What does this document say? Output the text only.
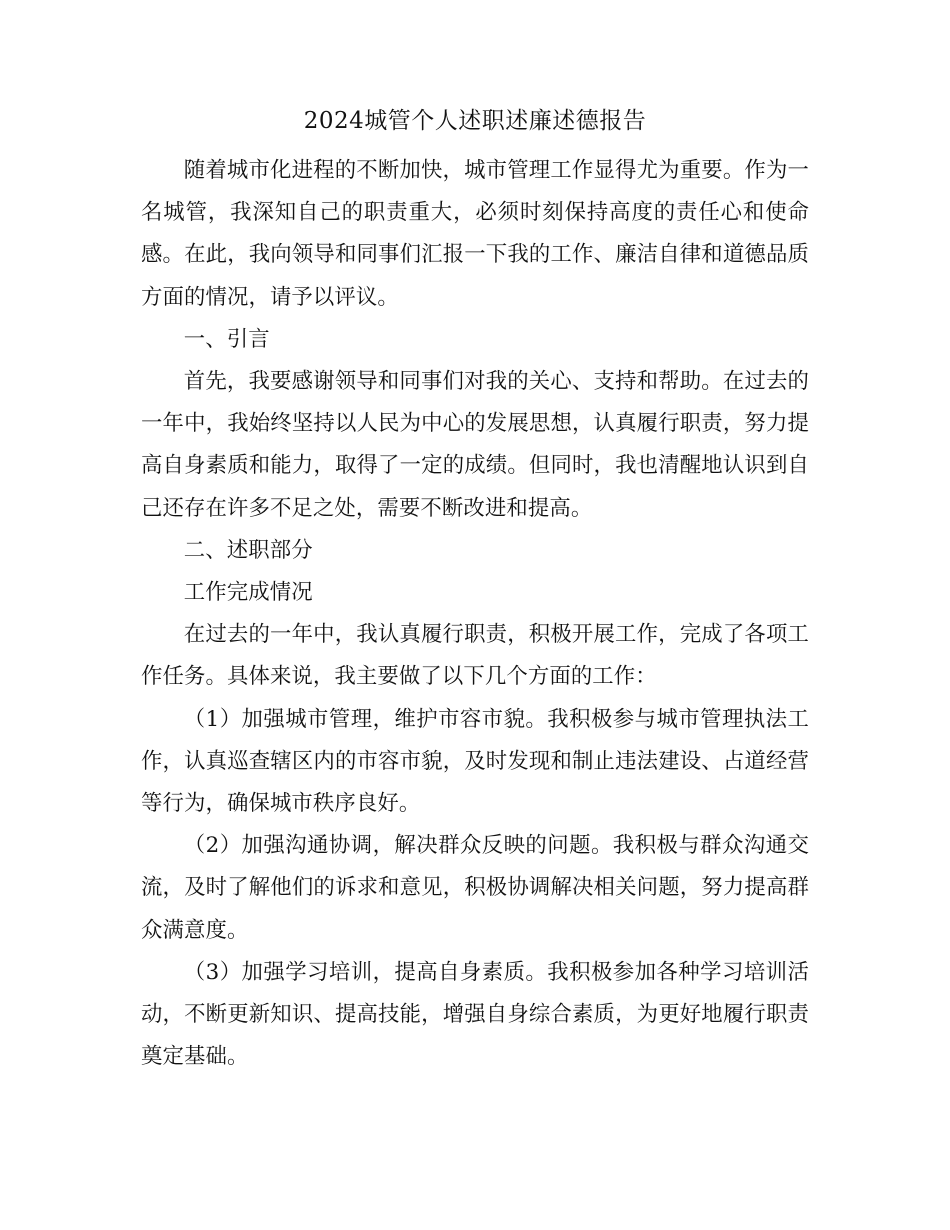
2024城管个人述职述廉述德报告

随着城市化进程的不断加快，城市管理工作显得尤为重要。作为一名城管，我深知自己的职责重大，必须时刻保持高度的责任心和使命感。在此，我向领导和同事们汇报一下我的工作、廉洁自律和道德品质方面的情况，请予以评议。

一、引言

首先，我要感谢领导和同事们对我的关心、支持和帮助。在过去的一年中，我始终坚持以人民为中心的发展思想，认真履行职责，努力提高自身素质和能力，取得了一定的成绩。但同时，我也清醒地认识到自己还存在许多不足之处，需要不断改进和提高。

二、述职部分

工作完成情况

在过去的一年中，我认真履行职责，积极开展工作，完成了各项工作任务。具体来说，我主要做了以下几个方面的工作：

（1）加强城市管理，维护市容市貌。我积极参与城市管理执法工作，认真巡查辖区内的市容市貌，及时发现和制止违法建设、占道经营等行为，确保城市秩序良好。

（2）加强沟通协调，解决群众反映的问题。我积极与群众沟通交流，及时了解他们的诉求和意见，积极协调解决相关问题，努力提高群众满意度。

（3）加强学习培训，提高自身素质。我积极参加各种学习培训活动，不断更新知识、提高技能，增强自身综合素质，为更好地履行职责奠定基础。
